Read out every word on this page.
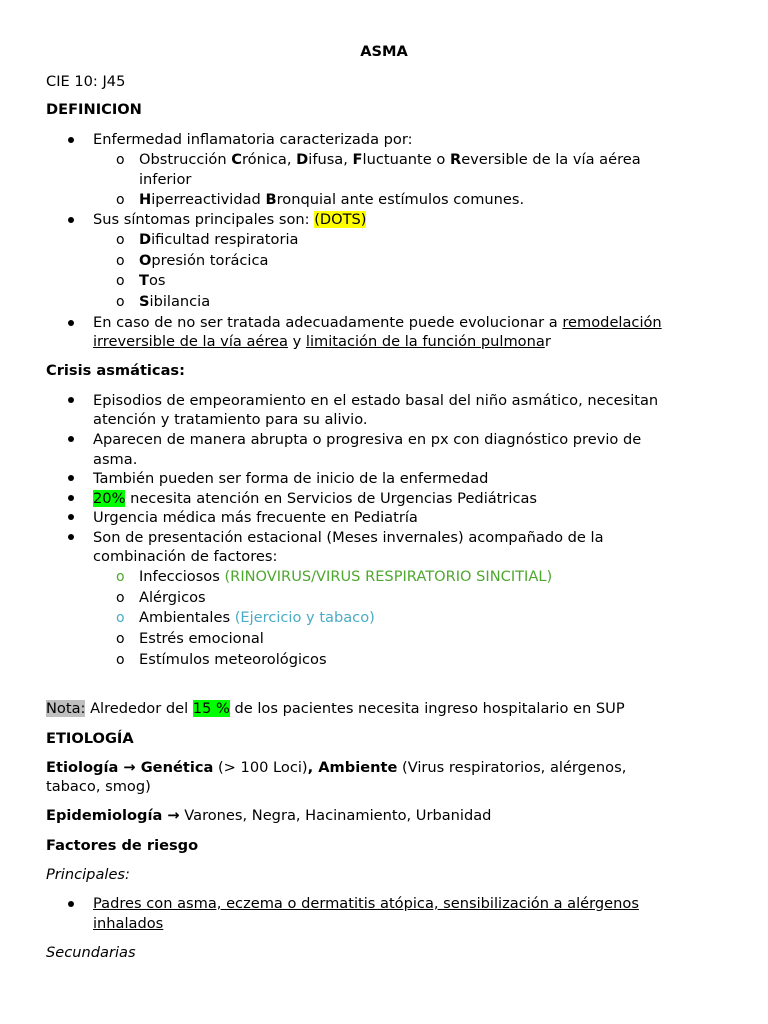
ASMA
CIE 10: J45
DEFINICION
Enfermedad inflamatoria caracterizada por:
o Obstrucción Crónica, Difusa, Fluctuante o Reversible de la vía aérea
inferior
o Hiperreactividad Bronquial ante estímulos comunes.
Sus síntomas principales son: (DOTS)
o Dificultad respiratoria
o Opresión torácica
o Tos
o Sibilancia
En caso de no ser tratada adecuadamente puede evolucionar a remodelación
irreversible de la vía aérea y limitación de la función pulmonar
Crisis asmáticas:
Episodios de empeoramiento en el estado basal del niño asmático, necesitan
atención y tratamiento para su alivio.
Aparecen de manera abrupta o progresiva en px con diagnóstico previo de
asma.
También pueden ser forma de inicio de la enfermedad
20% necesita atención en Servicios de Urgencias Pediátricas
Urgencia médica más frecuente en Pediatría
Son de presentación estacional (Meses invernales) acompañado de la
combinación de factores:
o Infecciosos (RINOVIRUS/VIRUS RESPIRATORIO SINCITIAL)
o Alérgicos
o Ambientales (Ejercicio y tabaco)
o Estrés emocional
o Estímulos meteorológicos
Nota: Alrededor del 15 % de los pacientes necesita ingreso hospitalario en SUP
ETIOLOGÍA
Etiología → Genética (> 100 Loci), Ambiente (Virus respiratorios, alérgenos,
tabaco, smog)
Epidemiología → Varones, Negra, Hacinamiento, Urbanidad
Factores de riesgo
Principales:
Padres con asma, eczema o dermatitis atópica, sensibilización a alérgenos
inhalados
Secundarias
